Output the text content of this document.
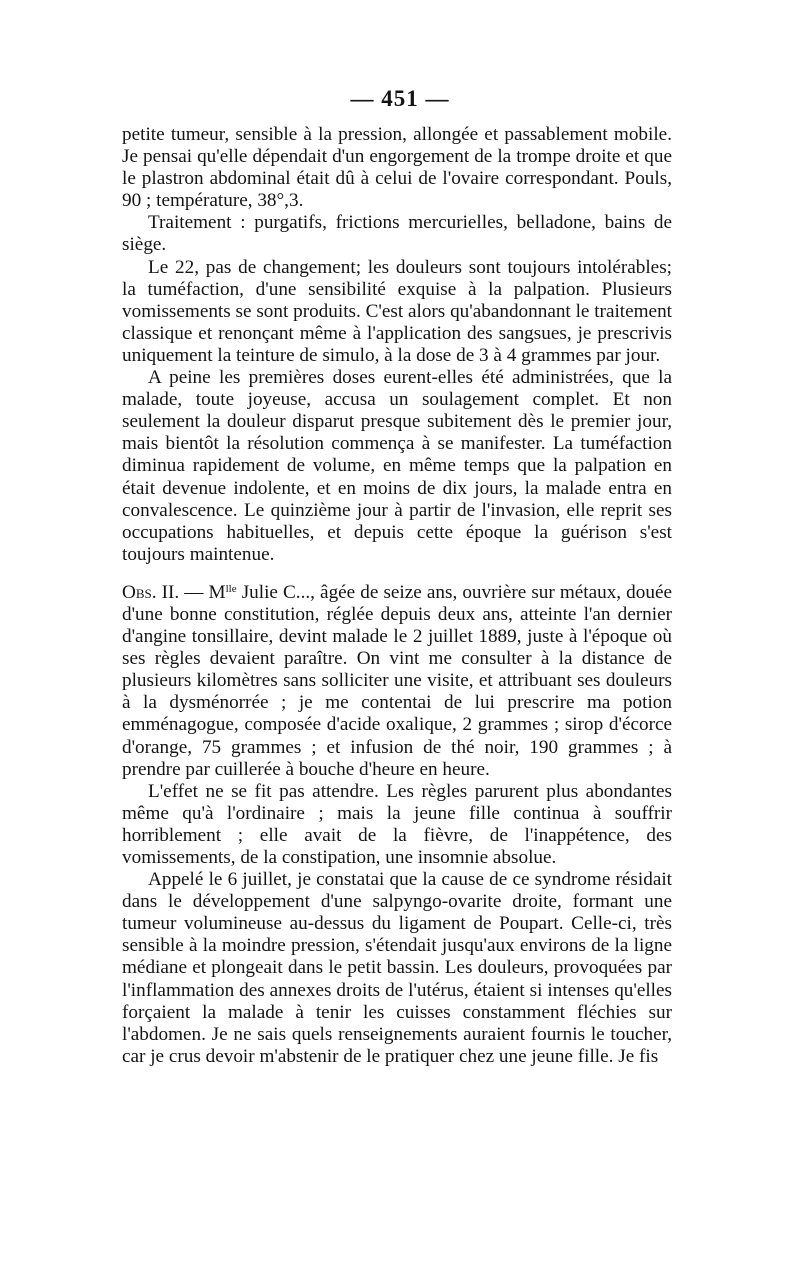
— 451 —

petite tumeur, sensible à la pression, allongée et passablement mobile. Je pensai qu'elle dépendait d'un engorgement de la trompe droite et que le plastron abdominal était dû à celui de l'ovaire correspondant. Pouls, 90 ; température, 38°,3.

Traitement : purgatifs, frictions mercurielles, belladone, bains de siège.

Le 22, pas de changement; les douleurs sont toujours intolérables; la tuméfaction, d'une sensibilité exquise à la palpation. Plusieurs vomissements se sont produits. C'est alors qu'abandonnant le traitement classique et renonçant même à l'application des sangsues, je prescrivis uniquement la teinture de simulo, à la dose de 3 à 4 grammes par jour.

A peine les premières doses eurent-elles été administrées, que la malade, toute joyeuse, accusa un soulagement complet. Et non seulement la douleur disparut presque subitement dès le premier jour, mais bientôt la résolution commença à se manifester. La tuméfaction diminua rapidement de volume, en même temps que la palpation en était devenue indolente, et en moins de dix jours, la malade entra en convalescence. Le quinzième jour à partir de l'invasion, elle reprit ses occupations habituelles, et depuis cette époque la guérison s'est toujours maintenue.

Obs. II. — $M^{lle}$ Julie C..., âgée de seize ans, ouvrière sur métaux, douée d'une bonne constitution, réglée depuis deux ans, atteinte l'an dernier d'angine tonsillaire, devint malade le 2 juillet 1889, juste à l'époque où ses règles devaient paraître. On vint me consulter à la distance de plusieurs kilomètres sans solliciter une visite, et attribuant ses douleurs à la dysménorrée ; je me contentai de lui prescrire ma potion emménagogue, composée d'acide oxalique, 2 grammes ; sirop d'écorce d'orange, 75 grammes ; et infusion de thé noir, 190 grammes ; à prendre par cuillerée à bouche d'heure en heure.

L'effet ne se fit pas attendre. Les règles parurent plus abondantes même qu'à l'ordinaire ; mais la jeune fille continua à souffrir horriblement ; elle avait de la fièvre, de l'inappétence, des vomissements, de la constipation, une insomnie absolue.

Appelé le 6 juillet, je constatai que la cause de ce syndrome résidait dans le développement d'une salpyngo-ovarite droite, formant une tumeur volumineuse au-dessus du ligament de Poupart. Celle-ci, très sensible à la moindre pression, s'étendait jusqu'aux environs de la ligne médiane et plongeait dans le petit bassin. Les douleurs, provoquées par l'inflammation des annexes droits de l'utérus, étaient si intenses qu'elles forçaient la malade à tenir les cuisses constamment fléchies sur l'abdomen. Je ne sais quels renseignements auraient fournis le toucher, car je crus devoir m'abstenir de le pratiquer chez une jeune fille. Je fis
